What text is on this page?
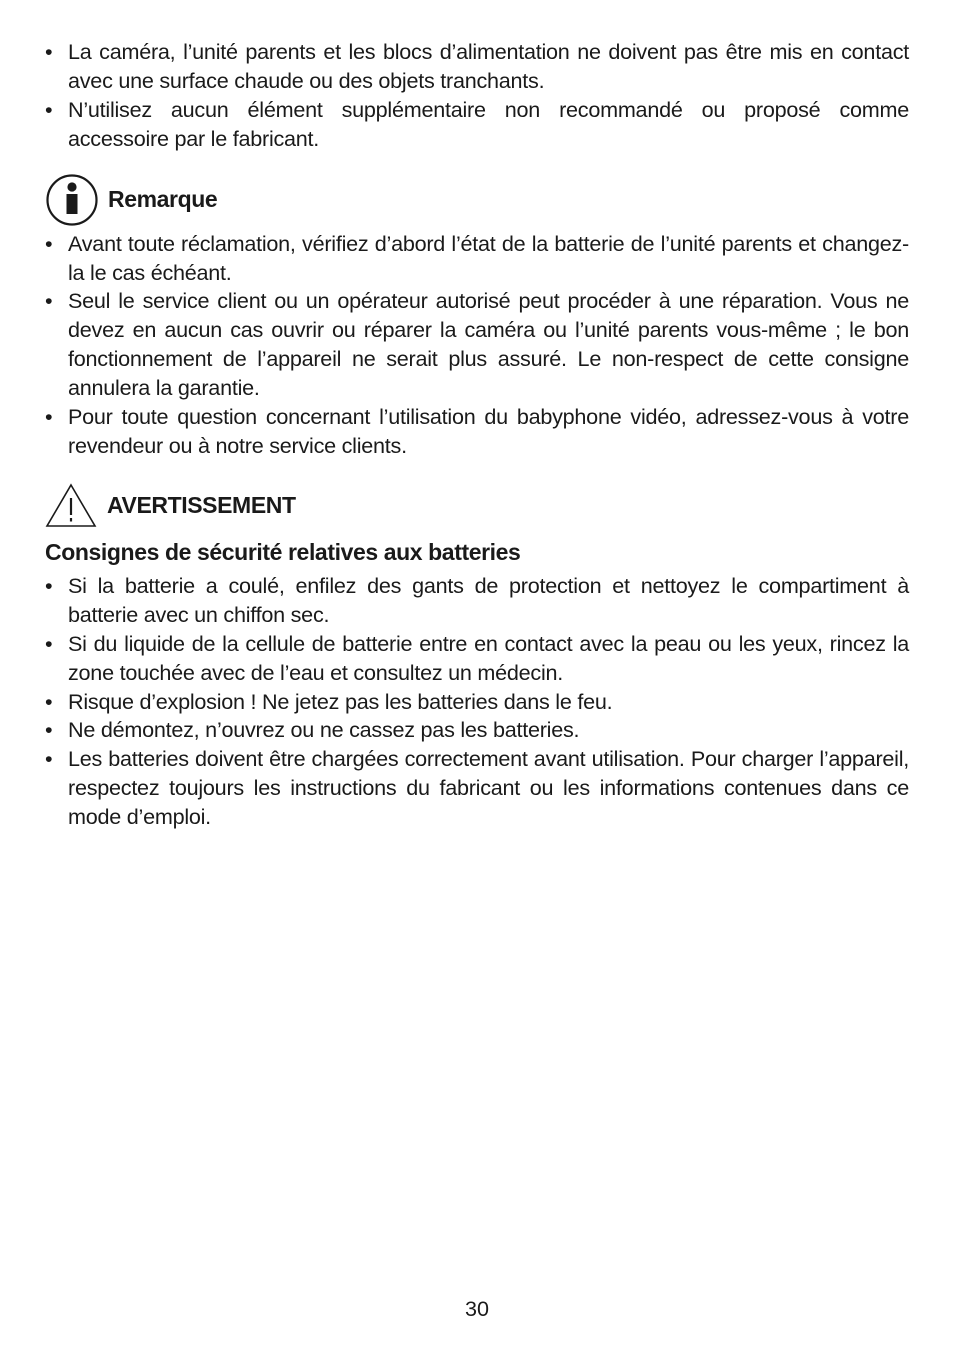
• La caméra, l’unité parents et les blocs d’alimentation ne doivent pas être mis en contact avec une surface chaude ou des objets tranchants.
• N’utilisez aucun élément supplémentaire non recommandé ou proposé comme accessoire par le fabricant.
Remarque
• Avant toute réclamation, vérifiez d’abord l’état de la batterie de l’unité parents et changez-la le cas échéant.
• Seul le service client ou un opérateur autorisé peut procéder à une réparation. Vous ne devez en aucun cas ouvrir ou réparer la caméra ou l’unité parents vous-même ; le bon fonctionnement de l’appareil ne serait plus assuré. Le non-respect de cette consigne annulera la garantie.
• Pour toute question concernant l’utilisation du babyphone vidéo, adressez-vous à votre revendeur ou à notre service clients.
AVERTISSEMENT
Consignes de sécurité relatives aux batteries
• Si la batterie a coulé, enfilez des gants de protection et nettoyez le compartiment à batterie avec un chiffon sec.
• Si du liquide de la cellule de batterie entre en contact avec la peau ou les yeux, rincez la zone touchée avec de l’eau et consultez un médecin.
• Risque d’explosion ! Ne jetez pas les batteries dans le feu.
• Ne démontez, n’ouvrez ou ne cassez pas les batteries.
• Les batteries doivent être chargées correctement avant utilisation. Pour charger l’appareil, respectez toujours les instructions du fabricant ou les informations contenues dans ce mode d’emploi.
30
